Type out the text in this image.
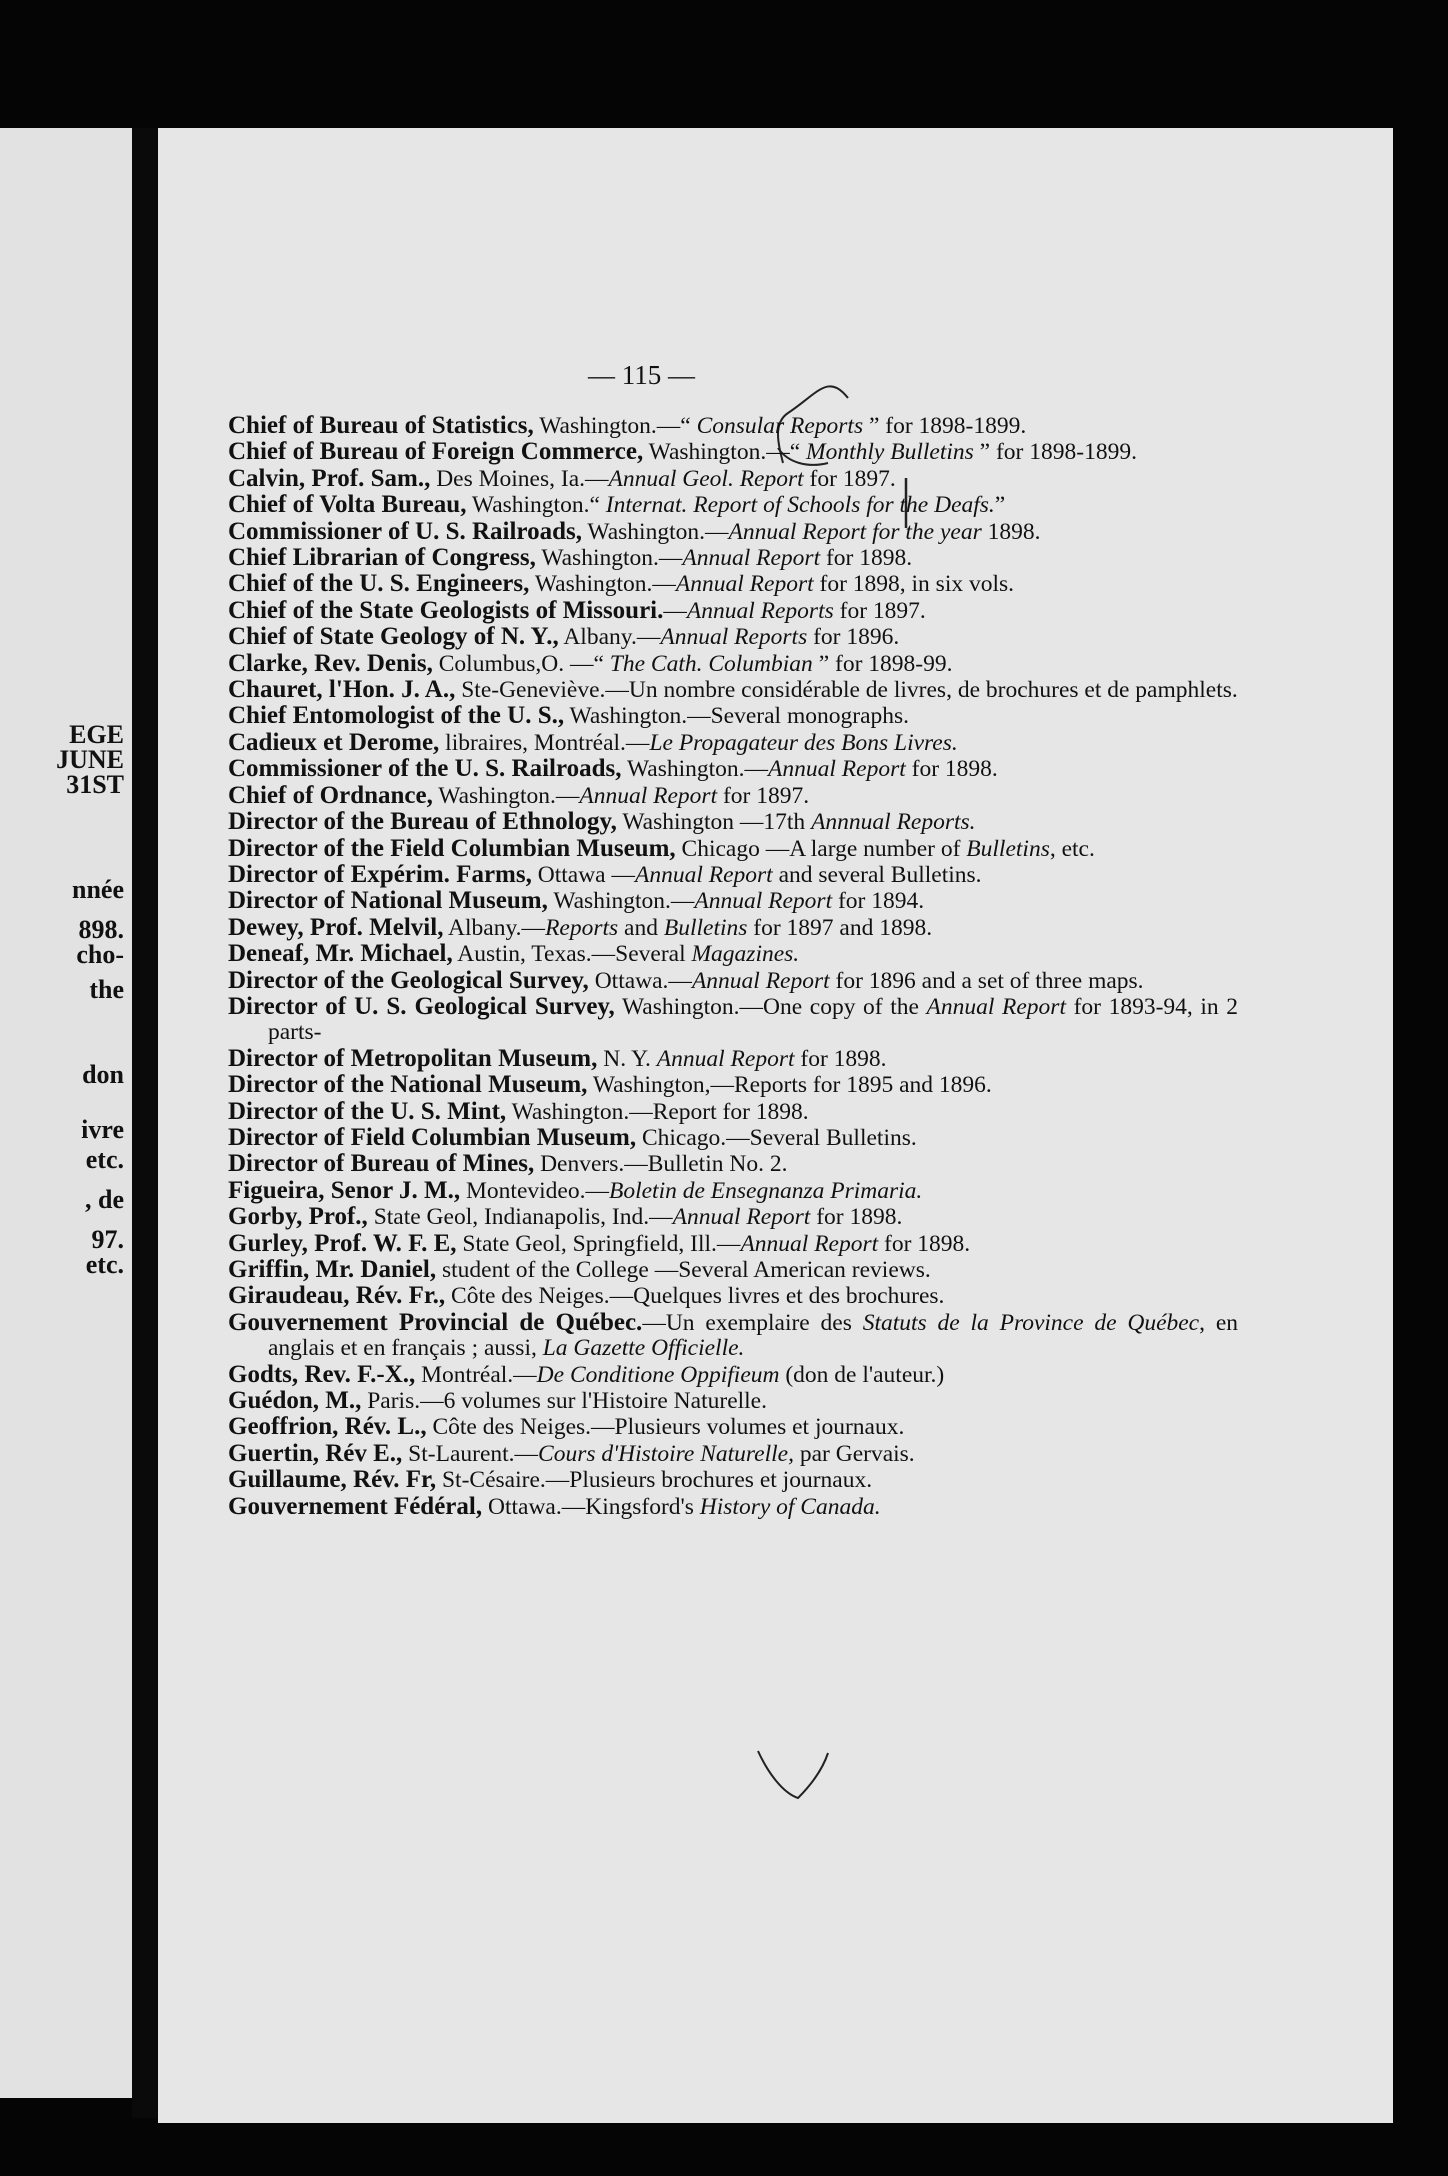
EGE
JUNE
31ST
nnée
898.
cho-
the
don
ivre
etc.
, de
97.
etc.
— 115 —

Chief of Bureau of Statistics, Washington.—“ Consular Reports ” for 1898-1899.

Chief of Bureau of Foreign Commerce, Washington.—“ Monthly Bulletins ” for 1898-1899.

Calvin, Prof. Sam., Des Moines, Ia.—Annual Geol. Report for 1897.

Chief of Volta Bureau, Washington.“ Internat. Report of Schools for the Deafs.”

Commissioner of U. S. Railroads, Washington.—Annual Report for the year 1898.

Chief Librarian of Congress, Washington.—Annual Report for 1898.

Chief of the U. S. Engineers, Washington.—Annual Report for 1898, in six vols.

Chief of the State Geologists of Missouri.—Annual Reports for 1897.

Chief of State Geology of N. Y., Albany.—Annual Reports for 1896.

Clarke, Rev. Denis, Columbus,O. —“ The Cath. Columbian ” for 1898-99.

Chauret, l'Hon. J. A., Ste-Geneviève.—Un nombre considérable de livres, de brochures et de pamphlets.

Chief Entomologist of the U. S., Washington.—Several monographs.

Cadieux et Derome, libraires, Montréal.—Le Propagateur des Bons Livres.

Commissioner of the U. S. Railroads, Washington.—Annual Report for 1898.

Chief of Ordnance, Washington.—Annual Report for 1897.

Director of the Bureau of Ethnology, Washington —17th Annnual Reports.

Director of the Field Columbian Museum, Chicago —A large number of Bulletins, etc.

Director of Expérim. Farms, Ottawa —Annual Report and several Bulletins.

Director of National Museum, Washington.—Annual Report for 1894.

Dewey, Prof. Melvil, Albany.—Reports and Bulletins for 1897 and 1898.

Deneaf, Mr. Michael, Austin, Texas.—Several Magazines.

Director of the Geological Survey, Ottawa.—Annual Report for 1896 and a set of three maps.

Director of U. S. Geological Survey, Washington.—One copy of the Annual Report for 1893-94, in 2 parts-

Director of Metropolitan Museum, N. Y. Annual Report for 1898.

Director of the National Museum, Washington,—Reports for 1895 and 1896.

Director of the U. S. Mint, Washington.—Report for 1898.

Director of Field Columbian Museum, Chicago.—Several Bulletins.

Director of Bureau of Mines, Denvers.—Bulletin No. 2.

Figueira, Senor J. M., Montevideo.—Boletin de Ensegnanza Primaria.

Gorby, Prof., State Geol, Indianapolis, Ind.—Annual Report for 1898.

Gurley, Prof. W. F. E, State Geol, Springfield, Ill.—Annual Report for 1898.

Griffin, Mr. Daniel, student of the College —Several American reviews.

Giraudeau, Rév. Fr., Côte des Neiges.—Quelques livres et des brochures.

Gouvernement Provincial de Québec.—Un exemplaire des Statuts de la Province de Québec, en anglais et en français ; aussi, La Gazette Officielle.

Godts, Rev. F.-X., Montréal.—De Conditione Oppifieum (don de l'auteur.)

Guédon, M., Paris.—6 volumes sur l'Histoire Naturelle.

Geoffrion, Rév. L., Côte des Neiges.—Plusieurs volumes et journaux.

Guertin, Rév E., St-Laurent.—Cours d'Histoire Naturelle, par Gervais.

Guillaume, Rév. Fr, St-Césaire.—Plusieurs brochures et journaux.

Gouvernement Fédéral, Ottawa.—Kingsford's History of Canada.
